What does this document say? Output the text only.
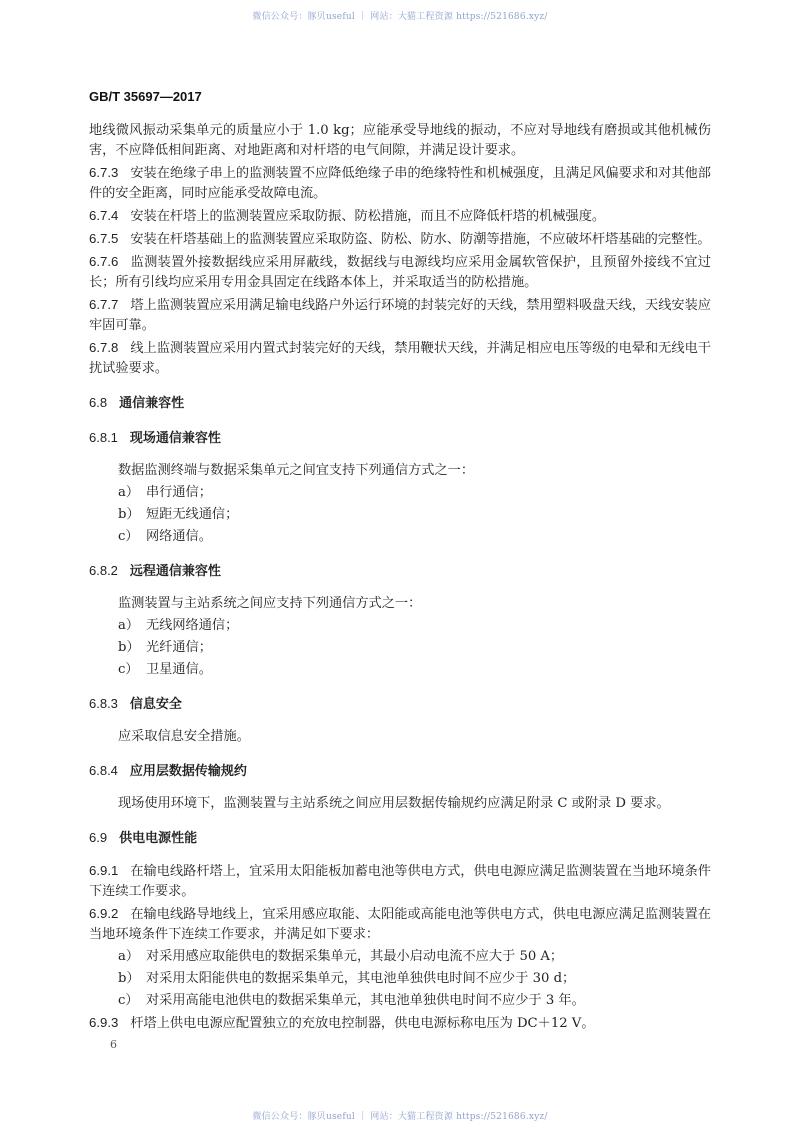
微信公众号：豚贝useful ｜ 网站：大猫工程资源 https://521686.xyz/
GB/T 35697—2017

地线微风振动采集单元的质量应小于 1.0 kg；应能承受导地线的振动，不应对导地线有磨损或其他机械伤害，不应降低相间距离、对地距离和对杆塔的电气间隙，并满足设计要求。

6.7.3 安装在绝缘子串上的监测装置不应降低绝缘子串的绝缘特性和机械强度，且满足风偏要求和对其他部件的安全距离，同时应能承受故障电流。

6.7.4 安装在杆塔上的监测装置应采取防振、防松措施，而且不应降低杆塔的机械强度。

6.7.5 安装在杆塔基础上的监测装置应采取防盗、防松、防水、防潮等措施，不应破坏杆塔基础的完整性。

6.7.6 监测装置外接数据线应采用屏蔽线，数据线与电源线均应采用金属软管保护，且预留外接线不宜过长；所有引线均应采用专用金具固定在线路本体上，并采取适当的防松措施。

6.7.7 塔上监测装置应采用满足输电线路户外运行环境的封装完好的天线，禁用塑料吸盘天线，天线安装应牢固可靠。

6.7.8 线上监测装置应采用内置式封装完好的天线，禁用鞭状天线，并满足相应电压等级的电晕和无线电干扰试验要求。

6.8 通信兼容性
6.8.1 现场通信兼容性

数据监测终端与数据采集单元之间宜支持下列通信方式之一：

a） 串行通信；
b） 短距无线通信；
c） 网络通信。
6.8.2 远程通信兼容性

监测装置与主站系统之间应支持下列通信方式之一：

a） 无线网络通信；
b） 光纤通信；
c） 卫星通信。
6.8.3 信息安全

应采取信息安全措施。

6.8.4 应用层数据传输规约

现场使用环境下，监测装置与主站系统之间应用层数据传输规约应满足附录 C 或附录 D 要求。

6.9 供电电源性能

6.9.1 在输电线路杆塔上，宜采用太阳能板加蓄电池等供电方式，供电电源应满足监测装置在当地环境条件下连续工作要求。

6.9.2 在输电线路导地线上，宜采用感应取能、太阳能或高能电池等供电方式，供电电源应满足监测装置在当地环境条件下连续工作要求，并满足如下要求：

a） 对采用感应取能供电的数据采集单元，其最小启动电流不应大于 50 A；
b） 对采用太阳能供电的数据采集单元，其电池单独供电时间不应少于 30 d；
c） 对采用高能电池供电的数据采集单元，其电池单独供电时间不应少于 3 年。

6.9.3 杆塔上供电电源应配置独立的充放电控制器，供电电源标称电压为 DC＋12 V。

6
微信公众号：豚贝useful ｜ 网站：大猫工程资源 https://521686.xyz/
